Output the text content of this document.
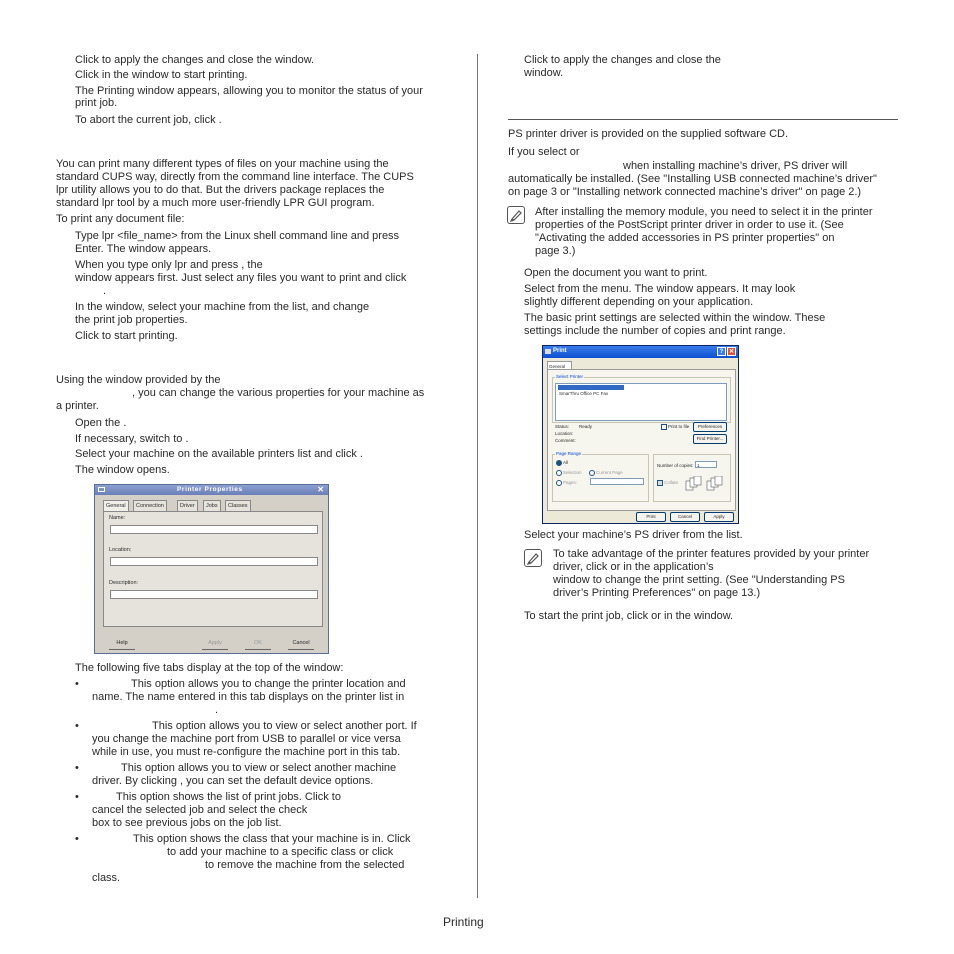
Click to apply the changes and close the window.
Click in the window to start printing.
The Printing window appears, allowing you to monitor the status of your
print job.
To abort the current job, click .
You can print many different types of files on your machine using the
standard CUPS way, directly from the command line interface. The CUPS
lpr utility allows you to do that. But the drivers package replaces the
standard lpr tool by a much more user-friendly LPR GUI program.
To print any document file:
Type lpr <file_name> from the Linux shell command line and press
Enter. The window appears.
When you type only lpr and press , the
window appears first. Just select any files you want to print and click
.
In the window, select your machine from the list, and change
the print job properties.
Click to start printing.
Using the window provided by the
, you can change the various properties for your machine as
a printer.
Open the .
If necessary, switch to .
Select your machine on the available printers list and click .
The window opens.
Printer Properties	✕
General	Connection	Driver	Jobs	Classes
Name:
Location:
Description:
Help	Apply	OK	Cancel
The following five tabs display at the top of the window:
•	This option allows you to change the printer location and
name. The name entered in this tab displays on the printer list in
.
•	This option allows you to view or select another port. If
you change the machine port from USB to parallel or vice versa
while in use, you must re-configure the machine port in this tab.
•	This option allows you to view or select another machine
driver. By clicking , you can set the default device options.
•	This option shows the list of print jobs. Click to
cancel the selected job and select the check
box to see previous jobs on the job list.
•	This option shows the class that your machine is in. Click
to add your machine to a specific class or click
to remove the machine from the selected
class.
Click to apply the changes and close the
window.
PS printer driver is provided on the supplied software CD.
If you select or
when installing machine’s driver, PS driver will
automatically be installed. (See "Installing USB connected machine’s driver"
on page 3 or "Installing network connected machine’s driver" on page 2.)
After installing the memory module, you need to select it in the printer
properties of the PostScript printer driver in order to use it. (See
"Activating the added accessories in PS printer properties" on
page 3.)
Open the document you want to print.
Select from the menu. The window appears. It may look
slightly different depending on your application.
The basic print settings are selected within the window. These
settings include the number of copies and print range.
Print	? ✕
General
Select Printer
SmarThru Office PC Fax
Status: Ready
Location:
Comment:
Print to file	Preferences
Find Printer...
Page Range
All
Selection	Current Page
Pages:
Number of copies: 1
Collate
Print	Cancel	Apply
Select your machine’s PS driver from the list.
To take advantage of the printer features provided by your printer
driver, click or in the application’s
window to change the print setting. (See "Understanding PS
driver’s Printing Preferences" on page 13.)
To start the print job, click or in the window.
Printing
